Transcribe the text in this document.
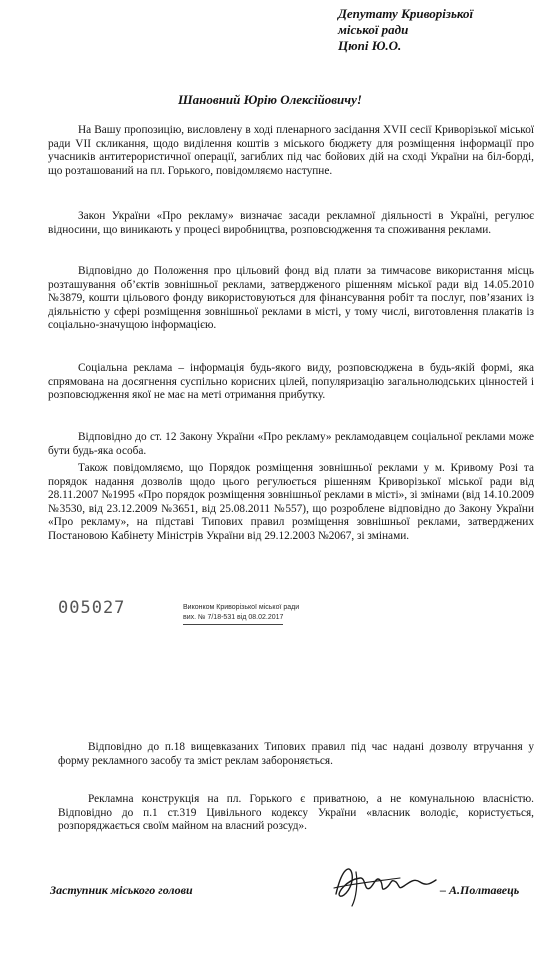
Депутату Криворізької
міської ради
Цюпі Ю.О.
Шановний Юрію Олексійовичу!
На Вашу пропозицію, висловлену в ході пленарного засідання XVII сесії Криворізької міської ради VII скликання, щодо виділення коштів з міського бюджету для розміщення інформації про учасників антитерористичної операції, загиблих під час бойових дій на сході України на біл-борді, що розташований на пл. Горького, повідомляємо наступне.
Закон України «Про рекламу» визначає засади рекламної діяльності в Україні, регулює відносини, що виникають у процесі виробництва, розповсюдження та споживання реклами.
Відповідно до Положення про цільовий фонд від плати за тимчасове використання місць розташування об’єктів зовнішньої реклами, затвердженого рішенням міської ради від 14.05.2010 №3879, кошти цільового фонду використовуються для фінансування робіт та послуг, пов’язаних із діяльністю у сфері розміщення зовнішньої реклами в місті, у тому числі, виготовлення плакатів із соціально-значущою інформацією.
Соціальна реклама – інформація будь-якого виду, розповсюджена в будь-якій формі, яка спрямована на досягнення суспільно корисних цілей, популяризацію загальнолюдських цінностей і розповсюдження якої не має на меті отримання прибутку.
Відповідно до ст. 12 Закону України «Про рекламу» рекламодавцем соціальної реклами може бути будь-яка особа.
Також повідомляємо, що Порядок розміщення зовнішньої реклами у м. Кривому Розі та порядок надання дозволів щодо цього регулюється рішенням Криворізької міської ради від 28.11.2007 №1995 «Про порядок розміщення зовнішньої реклами в місті», зі змінами (від 14.10.2009 №3530, від 23.12.2009 №3651, від 25.08.2011 №557), що розроблене відповідно до Закону України «Про рекламу», на підставі Типових правил розміщення зовнішньої реклами, затверджених Постановою Кабінету Міністрів України від 29.12.2003 №2067, зі змінами.
005027	Виконком Криворізької міської ради
вих. № 7/18-531 від 08.02.2017
Відповідно до п.18 вищевказаних Типових правил під час надані дозволу втручання у форму рекламного засобу та зміст реклам забороняється.
Рекламна конструкція на пл. Горького є приватною, а не комунальною власністю. Відповідно до п.1 ст.319 Цивільного кодексу України «власник володіє, користується, розпоряджається своїм майном на власний розсуд».
Заступник міського голови	– А.Полтавець
